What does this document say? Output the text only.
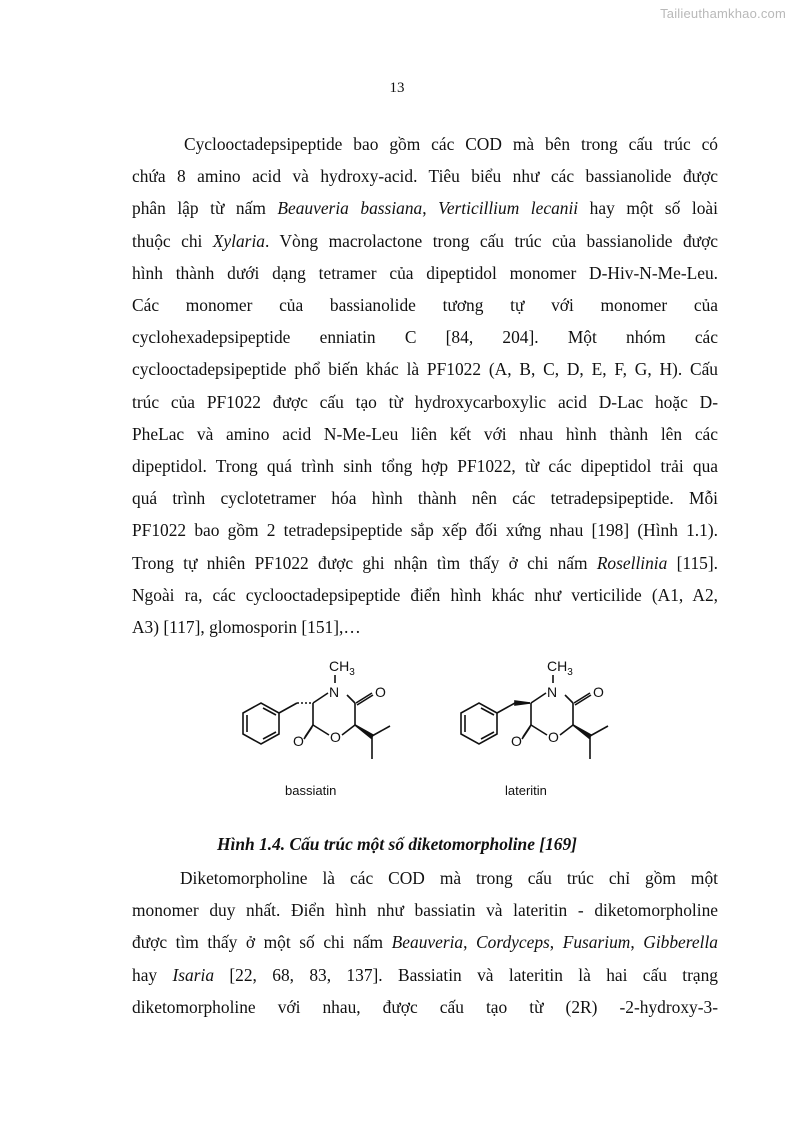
Tailieuthamkhao.com
13
Cyclooctadepsipeptide bao gồm các COD mà bên trong cấu trúc có
chứa 8 amino acid và hydroxy-acid. Tiêu biểu như các bassianolide được
phân lập từ nấm Beauveria bassiana, Verticillium lecanii hay một số loài
thuộc chi Xylaria. Vòng macrolactone trong cấu trúc của bassianolide được
hình thành dưới dạng tetramer của dipeptidol monomer D-Hiv-N-Me-Leu.
Các monomer của bassianolide tương tự với monomer của
cyclohexadepsipeptide enniatin C [84, 204]. Một nhóm các
cyclooctadepsipeptide phổ biến khác là PF1022 (A, B, C, D, E, F, G, H). Cấu
trúc của PF1022 được cấu tạo từ hydroxycarboxylic acid D-Lac hoặc D-
PheLac và amino acid N-Me-Leu liên kết với nhau hình thành lên các
dipeptidol. Trong quá trình sinh tổng hợp PF1022, từ các dipeptidol trải qua
quá trình cyclotetramer hóa hình thành nên các tetradepsipeptide. Mỗi
PF1022 bao gồm 2 tetradepsipeptide sắp xếp đối xứng nhau [198] (Hình 1.1).
Trong tự nhiên PF1022 được ghi nhận tìm thấy ở chi nấm Rosellinia [115].
Ngoài ra, các cyclooctadepsipeptide điển hình khác như verticilide (A1, A2,
A3) [117], glomosporin [151],…
$CH_3$
N	O
O
O
bassiatin
$CH_3$
N	O
O
O
lateritin
Hình 1.4. Cấu trúc một số diketomorpholine [169]
Diketomorpholine là các COD mà trong cấu trúc chỉ gồm một
monomer duy nhất. Điển hình như bassiatin và lateritin - diketomorpholine
được tìm thấy ở một số chi nấm Beauveria, Cordyceps, Fusarium, Gibberella
hay Isaria [22, 68, 83, 137]. Bassiatin và lateritin là hai cấu trạng
diketomorpholine với nhau, được cấu tạo từ (2R) -2-hydroxy-3-
